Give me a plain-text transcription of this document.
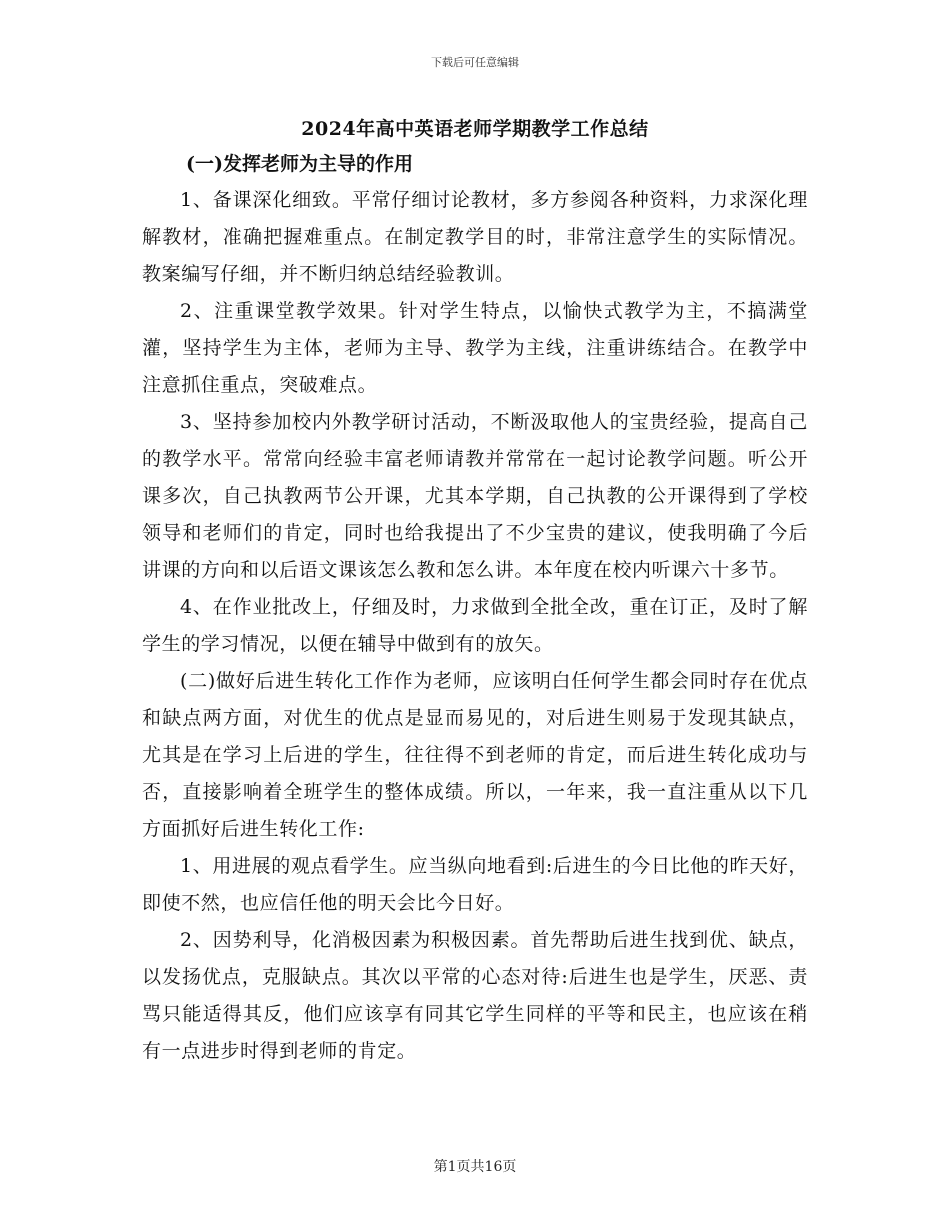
下载后可任意编辑
2024年高中英语老师学期教学工作总结

(一)发挥老师为主导的作用

1、备课深化细致。平常仔细讨论教材，多方参阅各种资料，力求深化理解教材，准确把握难重点。在制定教学目的时，非常注意学生的实际情况。教案编写仔细，并不断归纳总结经验教训。

2、注重课堂教学效果。针对学生特点，以愉快式教学为主，不搞满堂灌，坚持学生为主体，老师为主导、教学为主线，注重讲练结合。在教学中注意抓住重点，突破难点。

3、坚持参加校内外教学研讨活动，不断汲取他人的宝贵经验，提高自己的教学水平。常常向经验丰富老师请教并常常在一起讨论教学问题。听公开课多次，自己执教两节公开课，尤其本学期，自己执教的公开课得到了学校领导和老师们的肯定，同时也给我提出了不少宝贵的建议，使我明确了今后讲课的方向和以后语文课该怎么教和怎么讲。本年度在校内听课六十多节。

4、在作业批改上，仔细及时，力求做到全批全改，重在订正，及时了解学生的学习情况，以便在辅导中做到有的放矢。

(二)做好后进生转化工作作为老师，应该明白任何学生都会同时存在优点和缺点两方面，对优生的优点是显而易见的，对后进生则易于发现其缺点，尤其是在学习上后进的学生，往往得不到老师的肯定，而后进生转化成功与否，直接影响着全班学生的整体成绩。所以，一年来，我一直注重从以下几方面抓好后进生转化工作:

1、用进展的观点看学生。应当纵向地看到:后进生的今日比他的昨天好，即使不然，也应信任他的明天会比今日好。

2、因势利导，化消极因素为积极因素。首先帮助后进生找到优、缺点，以发扬优点，克服缺点。其次以平常的心态对待:后进生也是学生，厌恶、责骂只能适得其反，他们应该享有同其它学生同样的平等和民主，也应该在稍有一点进步时得到老师的肯定。

第1页共16页
